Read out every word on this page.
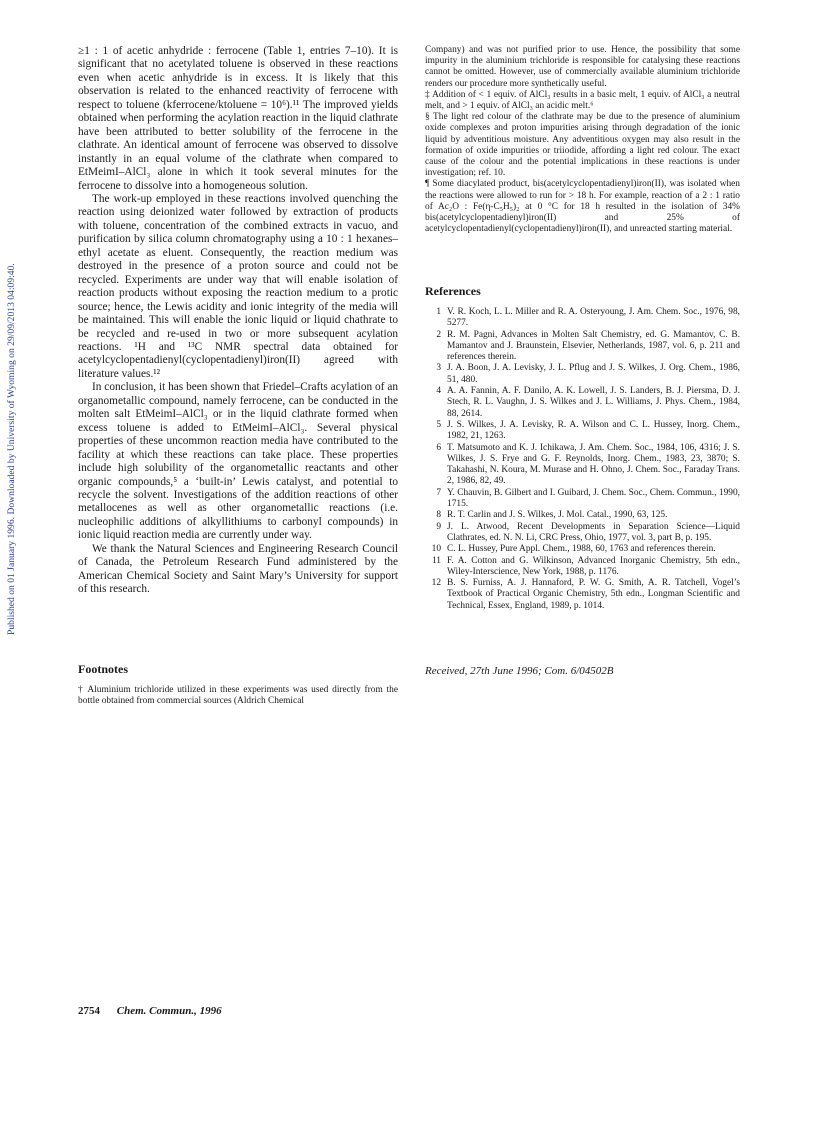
Published on 01 January 1996. Downloaded by University of Wyoming on 29/09/2013 04:09:40.

≥1 : 1 of acetic anhydride : ferrocene (Table 1, entries 7–10). It is significant that no acetylated toluene is observed in these reactions even when acetic anhydride is in excess. It is likely that this observation is related to the enhanced reactivity of ferrocene with respect to toluene (kferrocene/ktoluene = 10⁶).¹¹ The improved yields obtained when performing the acylation reaction in the liquid clathrate have been attributed to better solubility of the ferrocene in the clathrate. An identical amount of ferrocene was observed to dissolve instantly in an equal volume of the clathrate when compared to EtMeimI–AlCl₃ alone in which it took several minutes for the ferrocene to dissolve into a homogeneous solution.

The work-up employed in these reactions involved quenching the reaction using deionized water followed by extraction of products with toluene, concentration of the combined extracts in vacuo, and purification by silica column chromatography using a 10 : 1 hexanes–ethyl acetate as eluent. Consequently, the reaction medium was destroyed in the presence of a proton source and could not be recycled. Experiments are under way that will enable isolation of reaction products without exposing the reaction medium to a protic source; hence, the Lewis acidity and ionic integrity of the media will be maintained. This will enable the ionic liquid or liquid chathrate to be recycled and re-used in two or more subsequent acylation reactions. ¹H and ¹³C NMR spectral data obtained for acetylcyclopentadienyl(cyclopentadienyl)iron(II) agreed with literature values.¹²

In conclusion, it has been shown that Friedel–Crafts acylation of an organometallic compound, namely ferrocene, can be conducted in the molten salt EtMeimI–AlCl₃ or in the liquid clathrate formed when excess toluene is added to EtMeimI–AlCl₃. Several physical properties of these uncommon reaction media have contributed to the facility at which these reactions can take place. These properties include high solubility of the organometallic reactants and other organic compounds,⁵ a ‘built-in’ Lewis catalyst, and potential to recycle the solvent. Investigations of the addition reactions of other metallocenes as well as other organometallic reactions (i.e. nucleophilic additions of alkyllithiums to carbonyl compounds) in ionic liquid reaction media are currently under way.

We thank the Natural Sciences and Engineering Research Council of Canada, the Petroleum Research Fund administered by the American Chemical Society and Saint Mary’s University for support of this research.

Footnotes

† Aluminium trichloride utilized in these experiments was used directly from the bottle obtained from commercial sources (Aldrich Chemical

Company) and was not purified prior to use. Hence, the possibility that some impurity in the aluminium trichloride is responsible for catalysing these reactions cannot be omitted. However, use of commercially available aluminium trichloride renders our procedure more synthetically useful.

‡ Addition of < 1 equiv. of AlCl₃ results in a basic melt, 1 equiv. of AlCl₃ a neutral melt, and > 1 equiv. of AlCl₃ an acidic melt.⁶

§ The light red colour of the clathrate may be due to the presence of aluminium oxide complexes and proton impurities arising through degradation of the ionic liquid by adventitious moisture. Any adventitious oxygen may also result in the formation of oxide impurities or triiodide, affording a light red colour. The exact cause of the colour and the potential implications in these reactions is under investigation; ref. 10.

¶ Some diacylated product, bis(acetylcyclopentadienyl)iron(II), was isolated when the reactions were allowed to run for > 18 h. For example, reaction of a 2 : 1 ratio of Ac₂O : Fe(η-C₅H₅)₂ at 0 °C for 18 h resulted in the isolation of 34% bis(acetylcyclopentadienyl)iron(II) and 25% of acetylcyclopentadienyl(cyclopentadienyl)iron(II), and unreacted starting material.

References
1 V. R. Koch, L. L. Miller and R. A. Osteryoung, J. Am. Chem. Soc., 1976, 98, 5277.
2 R. M. Pagni, Advances in Molten Salt Chemistry, ed. G. Mamantov, C. B. Mamantov and J. Braunstein, Elsevier, Netherlands, 1987, vol. 6, p. 211 and references therein.
3 J. A. Boon, J. A. Levisky, J. L. Pflug and J. S. Wilkes, J. Org. Chem., 1986, 51, 480.
4 A. A. Fannin, A. F. Danilo, A. K. Lowell, J. S. Landers, B. J. Piersma, D. J. Stech, R. L. Vaughn, J. S. Wilkes and J. L. Williams, J. Phys. Chem., 1984, 88, 2614.
5 J. S. Wilkes, J. A. Levisky, R. A. Wilson and C. L. Hussey, Inorg. Chem., 1982, 21, 1263.
6 T. Matsumoto and K. J. Ichikawa, J. Am. Chem. Soc., 1984, 106, 4316; J. S. Wilkes, J. S. Frye and G. F. Reynolds, Inorg. Chem., 1983, 23, 3870; S. Takahashi, N. Koura, M. Murase and H. Ohno, J. Chem. Soc., Faraday Trans. 2, 1986, 82, 49.
7 Y. Chauvin, B. Gilbert and I. Guibard, J. Chem. Soc., Chem. Commun., 1990, 1715.
8 R. T. Carlin and J. S. Wilkes, J. Mol. Catal., 1990, 63, 125.
9 J. L. Atwood, Recent Developments in Separation Science—Liquid Clathrates, ed. N. N. Li, CRC Press, Ohio, 1977, vol. 3, part B, p. 195.
10 C. L. Hussey, Pure Appl. Chem., 1988, 60, 1763 and references therein.
11 F. A. Cotton and G. Wilkinson, Advanced Inorganic Chemistry, 5th edn., Wiley-Interscience, New York, 1988, p. 1176.
12 B. S. Furniss, A. J. Hannaford, P. W. G. Smith, A. R. Tatchell, Vogel’s Textbook of Practical Organic Chemistry, 5th edn., Longman Scientific and Technical, Essex, England, 1989, p. 1014.
Received, 27th June 1996; Com. 6/04502B
2754 Chem. Commun., 1996
